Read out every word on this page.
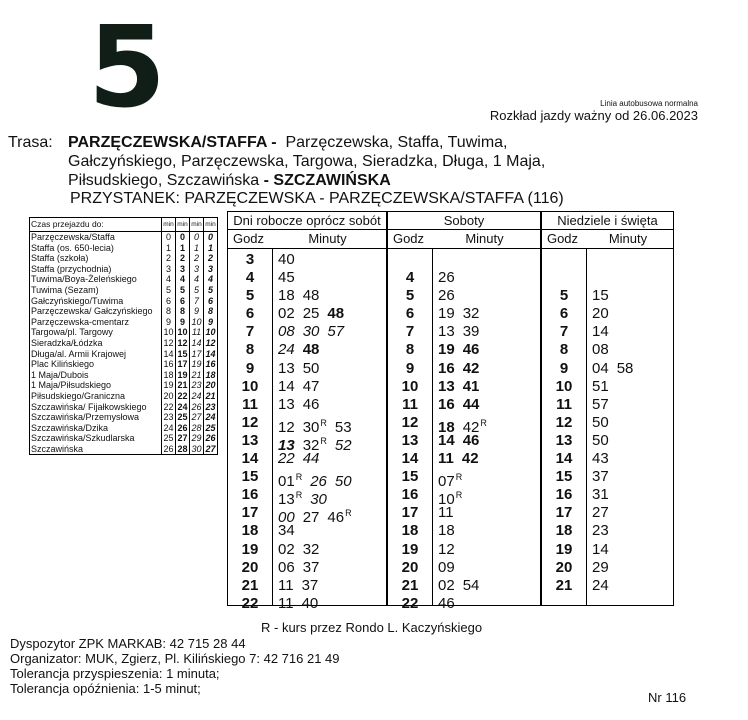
5	Linia autobusowa normalna
Rozkład jazdy ważny od 26.06.2023
Trasa: PARZĘCZEWSKA/STAFFA - Parzęczewska, Staffa, Tuwima,
Gałczyńskiego, Parzęczewska, Targowa, Sieradzka, Długa, 1 Maja,
Piłsudskiego, Szczawińska - SZCZAWIŃSKA
PRZYSTANEK: PARZĘCZEWSKA - PARZĘCZEWSKA/STAFFA (116)
Czas przejazdu do:	min	min	min	min
Parzęczewska/Staffa	0	0	0	0
Staffa (os. 650-lecia)	1	1	1	1
Staffa (szkoła)	2	2	2	2
Staffa (przychodnia)	3	3	3	3
Tuwima/Boya-Żeleńskiego	4	4	4	4
Tuwima (Sezam)	5	5	5	5
Gałczyńskiego/Tuwima	6	6	7	6
Parzęczewska/ Gałczyńskiego	8	8	9	8
Parzęczewska-cmentarz	9	9	10	9
Targowa/pl. Targowy	10	10	11	10
Sieradzka/Łódzka	12	12	14	12
Długa/al. Armii Krajowej	14	15	17	14
Plac Kilińskiego	16	17	19	16
1 Maja/Dubois	18	19	21	18
1 Maja/Piłsudskiego	19	21	23	20
Piłsudskiego/Graniczna	20	22	24	21
Szczawińska/ Fijałkowskiego	22	24	26	23
Szczawińska/Przemysłowa	23	25	27	24
Szczawińska/Dzika	24	26	28	25
Szczawińska/Szkudlarska	25	27	29	26
Szczawińska	26	28	30	27
Dni robocze oprócz sobót
Godz	Minuty
3	40
4	45
5	18 48
6	02 25 48
7	08 30 57
8	24 48
9	13 50
10	14 47
11	13 46
12	12 $30^R$ 53
13	13 $32^R$ 52
14	22 44
15	$01^R$ 26 50
16	$13^R$ 30
17	00 27 $46^R$
18	34
19	02 32
20	06 37
21	11 37
22	11 40
Soboty
Godz	Minuty
4	26
5	26
6	19 32
7	13 39
8	19 46
9	16 42
10	13 41
11	16 44
12	18 $42^R$
13	14 46
14	11 42
15	$07^R$
16	$10^R$
17	11
18	18
19	12
20	09
21	02 54
22	46
Niedziele i święta
Godz	Minuty
5	15
6	20
7	14
8	08
9	04 58
10	51
11	57
12	50
13	50
14	43
15	37
16	31
17	27
18	23
19	14
20	29
21	24
R - kurs przez Rondo L. Kaczyńskiego
Dyspozytor ZPK MARKAB: 42 715 28 44
Organizator: MUK, Zgierz, Pl. Kilińskiego 7: 42 716 21 49
Tolerancja przyspieszenia: 1 minuta;
Tolerancja opóźnienia: 1-5 minut;
Nr 116
